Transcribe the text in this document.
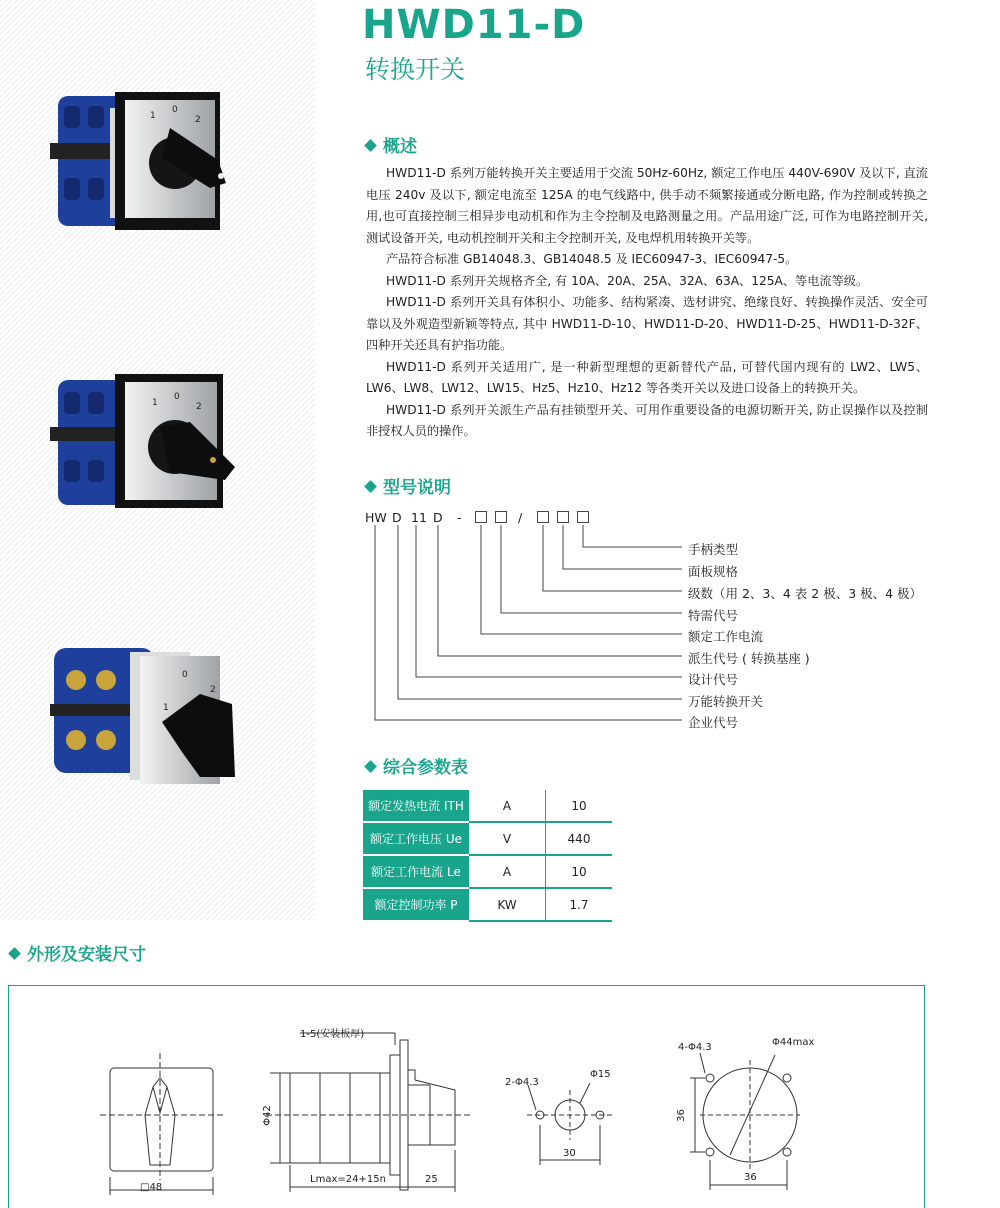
1
0
2
1
0
2
1
0
2
HWD11-D
转换开关
概述

HWD11-D 系列万能转换开关主要适用于交流 50Hz-60Hz, 额定工作电压 440V-690V 及以下, 直流电压 240v 及以下, 额定电流至 125A 的电气线路中, 供手动不频繁接通或分断电路, 作为控制或转换之用,也可直接控制三相异步电动机和作为主令控制及电路测量之用。产品用途广泛, 可作为电路控制开关, 测试设备开关, 电动机控制开关和主令控制开关, 及电焊机用转换开关等。

产品符合标准 GB14048.3、GB14048.5 及 IEC60947-3、IEC60947-5。

HWD11-D 系列开关规格齐全, 有 10A、20A、25A、32A、63A、125A、等电流等级。

HWD11-D 系列开关具有体积小、功能多、结构紧凑、选材讲究、绝缘良好、转换操作灵活、安全可靠以及外观造型新颖等特点, 其中 HWD11-D-10、HWD11-D-20、HWD11-D-25、HWD11-D-32F、四种开关还具有护指功能。

HWD11-D 系列开关适用广, 是一种新型理想的更新替代产品, 可替代国内现有的 LW2、LW5、LW6、LW8、LW12、LW15、Hz5、Hz10、Hz12 等各类开关以及进口设备上的转换开关。

HWD11-D 系列开关派生产品有挂锁型开关、可用作重要设备的电源切断开关, 防止误操作以及控制非授权人员的操作。

型号说明
HW D 11 D -	/
手柄类型
面板规格
级数（用 2、3、4 表 2 极、3 极、4 极）
特需代号
额定工作电流
派生代号 ( 转换基座 )
设计代号
万能转换开关
企业代号
综合参数表
额定发热电流 ITH	A	10
额定工作电压 Ue	V	440
额定工作电流 Le	A	10
额定控制功率 P	KW	1.7
外形及安装尺寸
□48
1-5(安装板厚)
Φ42
Lmax=24+15n	25
2-Φ4.3
Φ15
30
4-Φ4.3	Φ44max
36
36
